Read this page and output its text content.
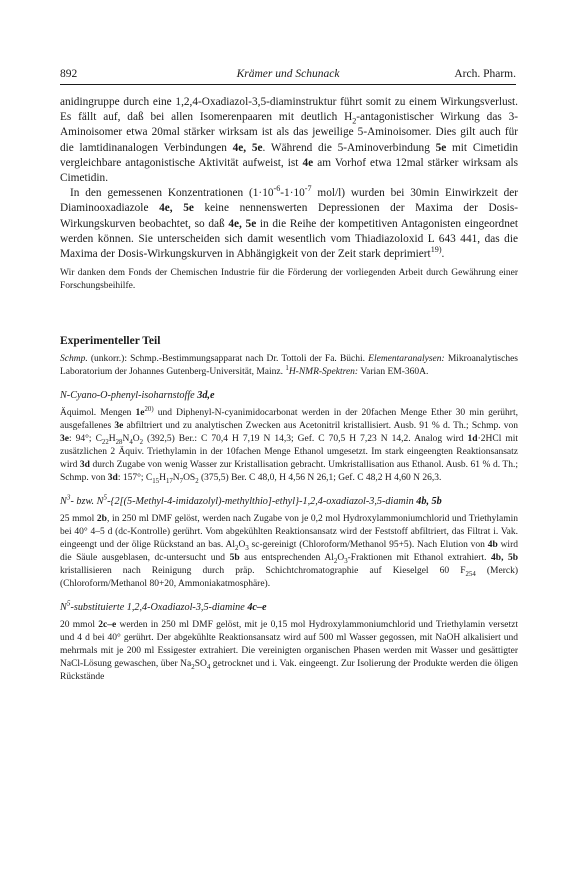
892	Krämer und Schunack	Arch. Pharm.

anidingruppe durch eine 1,2,4-Oxadiazol-3,5-diaminstruktur führt somit zu einem Wirkungsverlust. Es fällt auf, daß bei allen Isomerenpaaren mit deutlich $H_2$-antagonistischer Wirkung das 3-Aminoisomer etwa 20mal stärker wirksam ist als das jeweilige 5-Aminoisomer. Dies gilt auch für die lamtidinanalogen Verbindungen 4e, 5e. Während die 5-Aminoverbindung 5e mit Cimetidin vergleichbare antagonistische Aktivität aufweist, ist 4e am Vorhof etwa 12mal stärker wirksam als Cimetidin.

In den gemessenen Konzentrationen ($1\cdot 10^{-6}-1\cdot 10^{-7}$ mol/l) wurden bei 30min Einwirkzeit der Diaminooxadiazole 4e, 5e keine nennenswerten Depressionen der Maxima der Dosis-Wirkungskurven beobachtet, so daß 4e, 5e in die Reihe der kompetitiven Antagonisten eingeordnet werden können. Sie unterscheiden sich damit wesentlich vom Thiadiazoloxid L 643 441, das die Maxima der Dosis-Wirkungskurven in Abhängigkeit von der Zeit stark deprimiert$^{19)}$.

Wir danken dem Fonds der Chemischen Industrie für die Förderung der vorliegenden Arbeit durch Gewährung einer Forschungsbeihilfe.

Experimenteller Teil

Schmp. (unkorr.): Schmp.-Bestimmungsapparat nach Dr. Tottoli der Fa. Büchi. Elementaranalysen: Mikroanalytisches Laboratorium der Johannes Gutenberg-Universität, Mainz. $^1$H-NMR-Spektren: Varian EM-360A.

N-Cyano-O-phenyl-isoharnstoffe 3d,e

Äquimol. Mengen $1e^{20)}$ und Diphenyl-N-cyanimidocarbonat werden in der 20fachen Menge Ether 30 min gerührt, ausgefallenes 3e abfiltriert und zu analytischen Zwecken aus Acetonitril kristallisiert. Ausb. 91 % d. Th.; Schmp. von 3e: 94°; $C_{22}H_{28}N_4O_2$ (392,5) Ber.: C 70,4 H 7,19 N 14,3; Gef. C 70,5 H 7,23 N 14,2. Analog wird 1d·2HCl mit zusätzlichen 2 Äquiv. Triethylamin in der 10fachen Menge Ethanol umgesetzt. Im stark eingeengten Reaktionsansatz wird 3d durch Zugabe von wenig Wasser zur Kristallisation gebracht. Umkristallisation aus Ethanol. Ausb. 61 % d. Th.; Schmp. von 3d: 157°; $C_{15}H_{17}N_7OS_2$ (375,5) Ber. C 48,0, H 4,56 N 26,1; Gef. C 48,2 H 4,60 N 26,3.

$N^3-$ bzw. $N^5-\{2[(5-Methyl-4-imidazolyl)-methylthio]-ethyl\}-1,2,4-oxadiazol-3,5$-diamin 4b, 5b

25 mmol 2b, in 250 ml DMF gelöst, werden nach Zugabe von je 0,2 mol Hydroxylammoniumchlorid und Triethylamin bei 40° 4–5 d (dc-Kontrolle) gerührt. Vom abgekühlten Reaktionsansatz wird der Feststoff abfiltriert, das Filtrat i. Vak. eingeengt und der ölige Rückstand an bas. $Al_2O_3$ sc-gereinigt (Chloroform/Methanol 95+5). Nach Elution von 4b wird die Säule ausgeblasen, dc-untersucht und 5b aus entsprechenden $Al_2O_3$-Fraktionen mit Ethanol extrahiert. 4b, 5b kristallisieren nach Reinigung durch präp. Schichtchromatographie auf Kieselgel 60 $F_{254}$ (Merck) (Chloroform/Methanol 80+20, Ammoniakatmosphäre).

$N^5$-substituierte 1,2,4-Oxadiazol-3,5-diamine 4c–e

20 mmol 2c–e werden in 250 ml DMF gelöst, mit je 0,15 mol Hydroxylammoniumchlorid und Triethylamin versetzt und 4 d bei 40° gerührt. Der abgekühlte Reaktionsansatz wird auf 500 ml Wasser gegossen, mit NaOH alkalisiert und mehrmals mit je 200 ml Essigester extrahiert. Die vereinigten organischen Phasen werden mit Wasser und gesättigter NaCl-Lösung gewaschen, über $Na_2SO_4$ getrocknet und i. Vak. eingeengt. Zur Isolierung der Produkte werden die öligen Rückstände
